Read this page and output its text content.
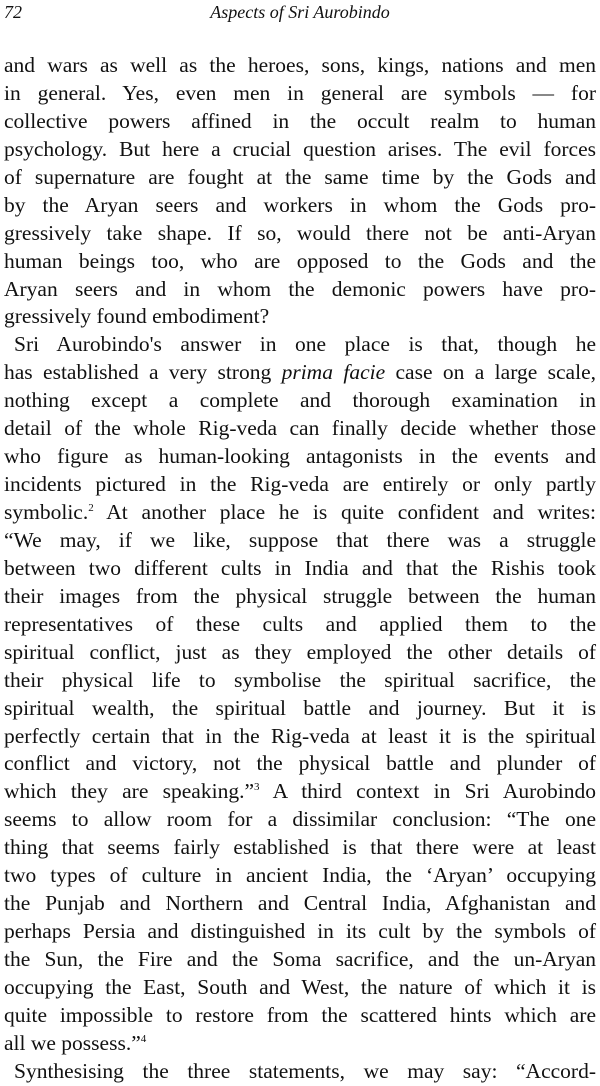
72	Aspects of Sri Aurobindo
and wars as well as the heroes, sons, kings, nations and men
in general. Yes, even men in general are symbols — for
collective powers affined in the occult realm to human
psychology. But here a crucial question arises. The evil forces
of supernature are fought at the same time by the Gods and
by the Aryan seers and workers in whom the Gods pro-
gressively take shape. If so, would there not be anti-Aryan
human beings too, who are opposed to the Gods and the
Aryan seers and in whom the demonic powers have pro-
gressively found embodiment?
Sri Aurobindo's answer in one place is that, though he
has established a very strong prima facie case on a large scale,
nothing except a complete and thorough examination in
detail of the whole Rig-veda can finally decide whether those
who figure as human-looking antagonists in the events and
incidents pictured in the Rig-veda are entirely or only partly
symbolic.$^2$ At another place he is quite confident and writes:
“We may, if we like, suppose that there was a struggle
between two different cults in India and that the Rishis took
their images from the physical struggle between the human
representatives of these cults and applied them to the
spiritual conflict, just as they employed the other details of
their physical life to symbolise the spiritual sacrifice, the
spiritual wealth, the spiritual battle and journey. But it is
perfectly certain that in the Rig-veda at least it is the spiritual
conflict and victory, not the physical battle and plunder of
which they are speaking.”$^3$ A third context in Sri Aurobindo
seems to allow room for a dissimilar conclusion: “The one
thing that seems fairly established is that there were at least
two types of culture in ancient India, the ‘Aryan’ occupying
the Punjab and Northern and Central India, Afghanistan and
perhaps Persia and distinguished in its cult by the symbols of
the Sun, the Fire and the Soma sacrifice, and the un-Aryan
occupying the East, South and West, the nature of which it is
quite impossible to restore from the scattered hints which are
all we possess.”$^4$
Synthesising the three statements, we may say: “Accord-
